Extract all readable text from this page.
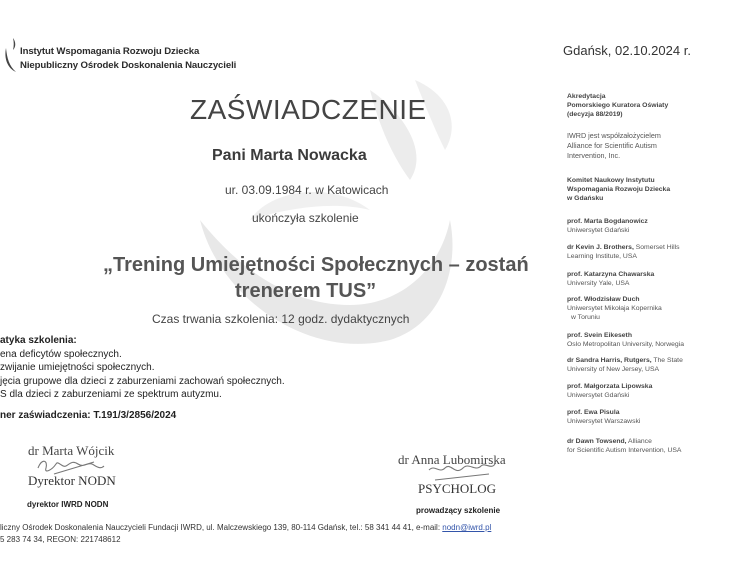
Instytut Wspomagania Rozwoju Dziecka
Niepubliczny Ośrodek Doskonalenia Nauczycieli
Gdańsk, 02.10.2024 r.
ZAŚWIADCZENIE
Pani Marta Nowacka
ur. 03.09.1984 r. w Katowicach
ukończyła szkolenie
„Trening Umiejętności Społecznych – zostań
trenerem TUS”
Czas trwania szkolenia: 12 godz. dydaktycznych
atyka szkolenia:
ena deficytów społecznych.
zwijanie umiejętności społecznych.
jęcia grupowe dla dzieci z zaburzeniami zachowań społecznych.
S dla dzieci z zaburzeniami ze spektrum autyzmu.
ner zaświadczenia: T.191/3/2856/2024
dr Marta Wójcik
Dyrektor NODN
dyrektor IWRD NODN
dr Anna Lubomirska
PSYCHOLOG
prowadzący szkolenie
liczny Ośrodek Doskonalenia Nauczycieli Fundacji IWRD, ul. Malczewskiego 139, 80-114 Gdańsk, tel.: 58 341 44 41, e-mail: nodn@iwrd.pl
5 283 74 34, REGON: 221748612
Akredytacja
Pomorskiego Kuratora Oświaty
(decyzja 88/2019)
IWRD jest współzałożycielem
Alliance for Scientific Autism
Intervention, Inc.
Komitet Naukowy Instytutu
Wspomagania Rozwoju Dziecka
w Gdańsku
prof. Marta Bogdanowicz
Uniwersytet Gdański
dr Kevin J. Brothers, Somerset Hills
Learning Institute, USA
prof. Katarzyna Chawarska
University Yale, USA
prof. Włodzisław Duch
Uniwersytet Mikołaja Kopernika
w Toruniu
prof. Svein Eikeseth
Oslo Metropolitan University, Norwegia
dr Sandra Harris, Rutgers, The State
University of New Jersey, USA
prof. Małgorzata Lipowska
Uniwersytet Gdański
prof. Ewa Pisula
Uniwersytet Warszawski
dr Dawn Towsend, Alliance
for Scientific Autism Intervention, USA
